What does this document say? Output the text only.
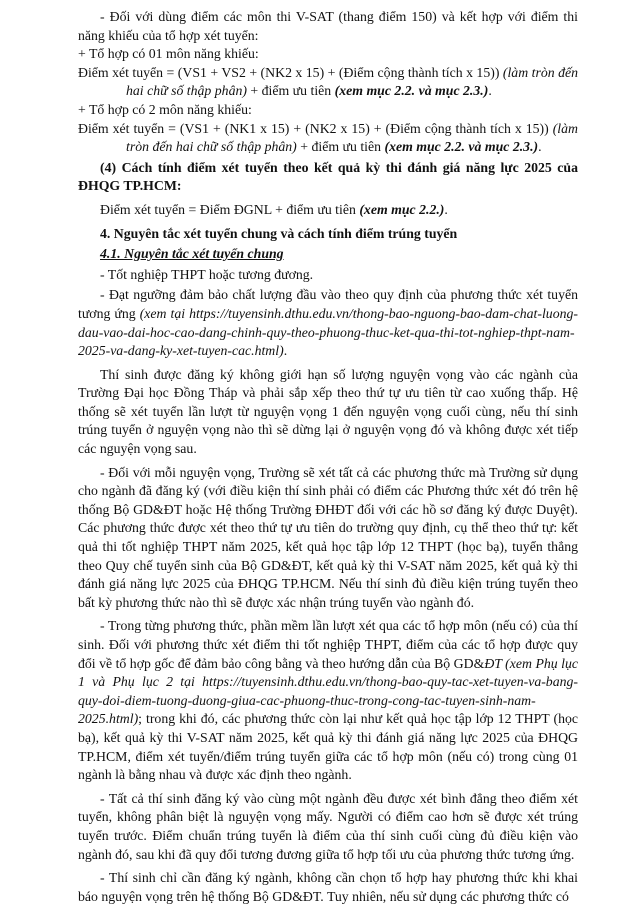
- Đối với dùng điểm các môn thi V-SAT (thang điểm 150) và kết hợp với điểm thi năng khiếu của tổ hợp xét tuyển:

+ Tổ hợp có 01 môn năng khiếu:

Điểm xét tuyển = (VS1 + VS2 + (NK2 x 15) + (Điểm cộng thành tích x 15)) (làm tròn đến hai chữ số thập phân) + điểm ưu tiên (xem mục 2.2. và mục 2.3.).

+ Tổ hợp có 2 môn năng khiếu:

Điểm xét tuyển = (VS1 + (NK1 x 15) + (NK2 x 15) + (Điểm cộng thành tích x 15)) (làm tròn đến hai chữ số thập phân) + điểm ưu tiên (xem mục 2.2. và mục 2.3.).

(4) Cách tính điểm xét tuyển theo kết quả kỳ thi đánh giá năng lực 2025 của ĐHQG TP.HCM:

Điểm xét tuyển = Điểm ĐGNL + điểm ưu tiên (xem mục 2.2.).

4. Nguyên tắc xét tuyển chung và cách tính điểm trúng tuyển

4.1. Nguyên tắc xét tuyển chung

- Tốt nghiệp THPT hoặc tương đương.

- Đạt ngưỡng đảm bảo chất lượng đầu vào theo quy định của phương thức xét tuyển tương ứng (xem tại https://tuyensinh.dthu.edu.vn/thong-bao-nguong-bao-dam-chat-luong-dau-vao-dai-hoc-cao-dang-chinh-quy-theo-phuong-thuc-ket-qua-thi-tot-nghiep-thpt-nam-2025-va-dang-ky-xet-tuyen-cac.html).

Thí sinh được đăng ký không giới hạn số lượng nguyện vọng vào các ngành của Trường Đại học Đồng Tháp và phải sắp xếp theo thứ tự ưu tiên từ cao xuống thấp. Hệ thống sẽ xét tuyển lần lượt từ nguyện vọng 1 đến nguyện vọng cuối cùng, nếu thí sinh trúng tuyển ở nguyện vọng nào thì sẽ dừng lại ở nguyện vọng đó và không được xét tiếp các nguyện vọng sau.

- Đối với mỗi nguyện vọng, Trường sẽ xét tất cả các phương thức mà Trường sử dụng cho ngành đã đăng ký (với điều kiện thí sinh phải có điểm các Phương thức xét đó trên hệ thống Bộ GD&ĐT hoặc Hệ thống Trường ĐHĐT đối với các hồ sơ đăng ký được Duyệt). Các phương thức được xét theo thứ tự ưu tiên do trường quy định, cụ thể theo thứ tự: kết quả thi tốt nghiệp THPT năm 2025, kết quả học tập lớp 12 THPT (học bạ), tuyển thẳng theo Quy chế tuyển sinh của Bộ GD&ĐT, kết quả kỳ thi V-SAT năm 2025, kết quả kỳ thi đánh giá năng lực 2025 của ĐHQG TP.HCM. Nếu thí sinh đủ điều kiện trúng tuyển theo bất kỳ phương thức nào thì sẽ được xác nhận trúng tuyển vào ngành đó.

- Trong từng phương thức, phần mềm lần lượt xét qua các tổ hợp môn (nếu có) của thí sinh. Đối với phương thức xét điểm thi tốt nghiệp THPT, điểm của các tổ hợp được quy đổi về tổ hợp gốc để đảm bảo công bằng và theo hướng dẫn của Bộ GD&ĐT (xem Phụ lục 1 và Phụ lục 2 tại https://tuyensinh.dthu.edu.vn/thong-bao-quy-tac-xet-tuyen-va-bang-quy-doi-diem-tuong-duong-giua-cac-phuong-thuc-trong-cong-tac-tuyen-sinh-nam-2025.html); trong khi đó, các phương thức còn lại như kết quả học tập lớp 12 THPT (học bạ), kết quả kỳ thi V-SAT năm 2025, kết quả kỳ thi đánh giá năng lực 2025 của ĐHQG TP.HCM, điểm xét tuyển/điểm trúng tuyển giữa các tổ hợp môn (nếu có) trong cùng 01 ngành là bằng nhau và được xác định theo ngành.

- Tất cả thí sinh đăng ký vào cùng một ngành đều được xét bình đẳng theo điểm xét tuyển, không phân biệt là nguyện vọng mấy. Người có điểm cao hơn sẽ được xét trúng tuyển trước. Điểm chuẩn trúng tuyển là điểm của thí sinh cuối cùng đủ điều kiện vào ngành đó, sau khi đã quy đổi tương đương giữa tổ hợp tối ưu của phương thức tương ứng.

- Thí sinh chỉ cần đăng ký ngành, không cần chọn tổ hợp hay phương thức khi khai báo nguyện vọng trên hệ thống Bộ GD&ĐT. Tuy nhiên, nếu sử dụng các phương thức có
